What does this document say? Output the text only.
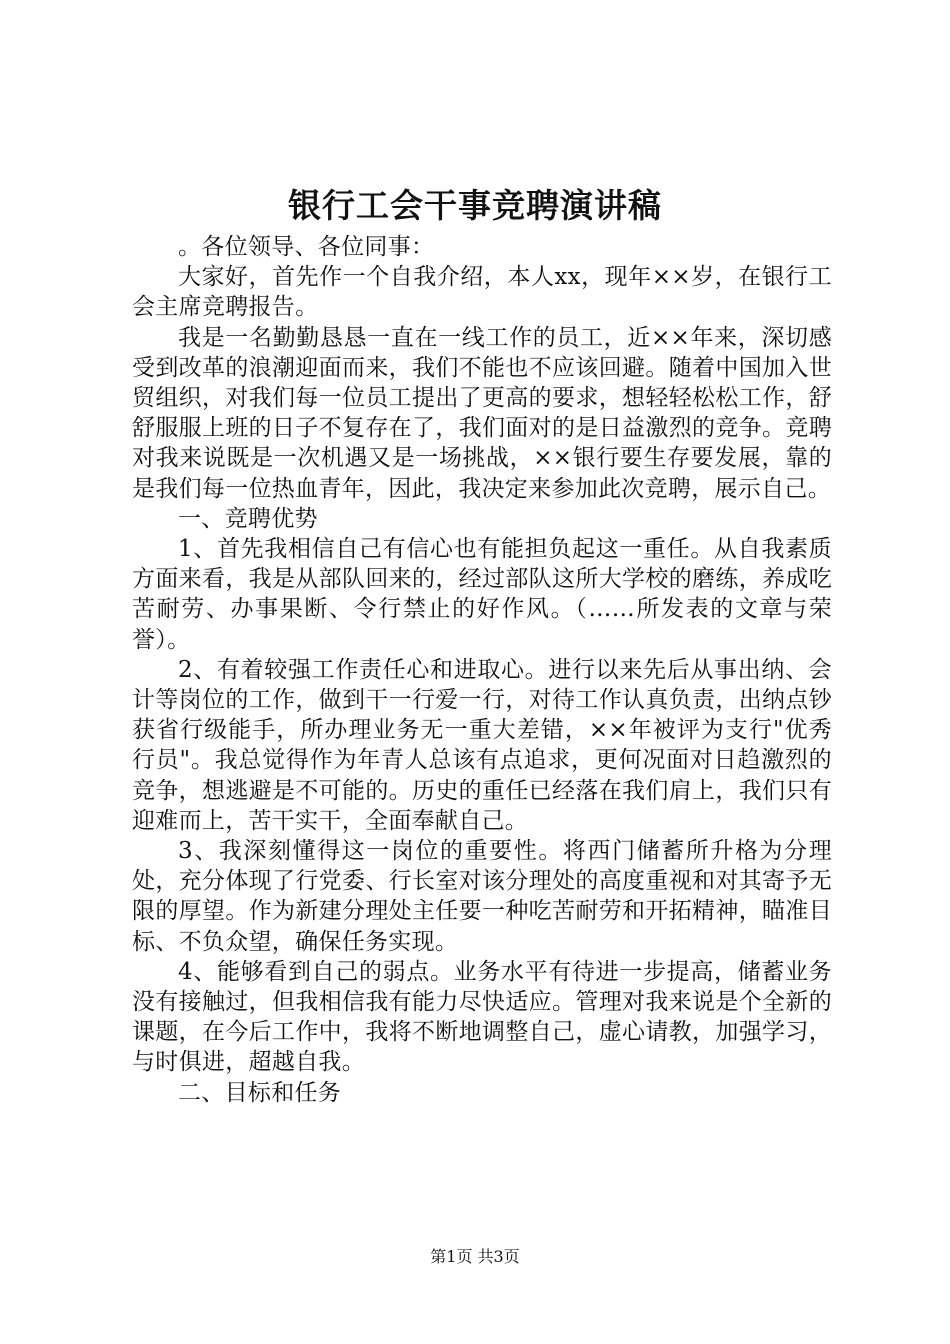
银行工会干事竞聘演讲稿

。各位领导、各位同事：

大家好，首先作一个自我介绍，本人xx，现年××岁，在银行工会主席竞聘报告。

我是一名勤勤恳恳一直在一线工作的员工，近××年来，深切感受到改革的浪潮迎面而来，我们不能也不应该回避。随着中国加入世贸组织，对我们每一位员工提出了更高的要求，想轻轻松松工作，舒舒服服上班的日子不复存在了，我们面对的是日益激烈的竞争。竞聘对我来说既是一次机遇又是一场挑战，××银行要生存要发展，靠的是我们每一位热血青年，因此，我决定来参加此次竞聘，展示自己。

一、竞聘优势

1、首先我相信自己有信心也有能担负起这一重任。从自我素质方面来看，我是从部队回来的，经过部队这所大学校的磨练，养成吃苦耐劳、办事果断、令行禁止的好作风。（……所发表的文章与荣誉）。

2、有着较强工作责任心和进取心。进行以来先后从事出纳、会计等岗位的工作，做到干一行爱一行，对待工作认真负责，出纳点钞获省行级能手，所办理业务无一重大差错，××年被评为支行"优秀行员"。我总觉得作为年青人总该有点追求，更何况面对日趋激烈的竞争，想逃避是不可能的。历史的重任已经落在我们肩上，我们只有迎难而上，苦干实干，全面奉献自己。

3、我深刻懂得这一岗位的重要性。将西门储蓄所升格为分理处，充分体现了行党委、行长室对该分理处的高度重视和对其寄予无限的厚望。作为新建分理处主任要一种吃苦耐劳和开拓精神，瞄准目标、不负众望，确保任务实现。

4、能够看到自己的弱点。业务水平有待进一步提高，储蓄业务没有接触过，但我相信我有能力尽快适应。管理对我来说是个全新的课题，在今后工作中，我将不断地调整自己，虚心请教，加强学习，与时俱进，超越自我。

二、目标和任务

第1页 共3页
